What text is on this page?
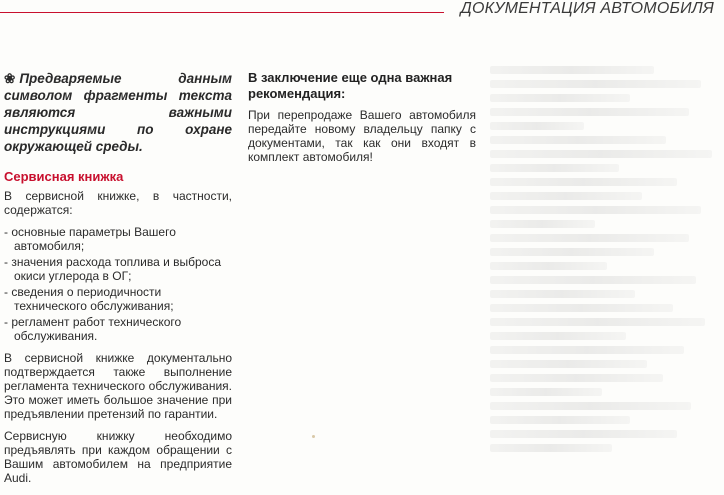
ДОКУМЕНТАЦИЯ АВТОМОБИЛЯ

❀ Предваряемые данным символом фрагменты текста являются важными инструкциями по охране окружающей среды.

Сервисная книжка

В сервисной книжке, в частности, содержатся:

- основные параметры Вашего автомобиля;
- значения расхода топлива и выброса окиси углерода в ОГ;
- сведения о периодичности технического обслуживания;
- регламент работ технического обслуживания.

В сервисной книжке документально подтверждается также выполнение регламента технического обслуживания. Это может иметь большое значение при предъявлении претензий по гарантии.

Сервисную книжку необходимо предъявлять при каждом обращении с Вашим автомобилем на предприятие Audi.

В заключение еще одна важная рекомендация:

При перепродаже Вашего автомобиля передайте новому владельцу папку с документами, так как они входят в комплект автомобиля!
